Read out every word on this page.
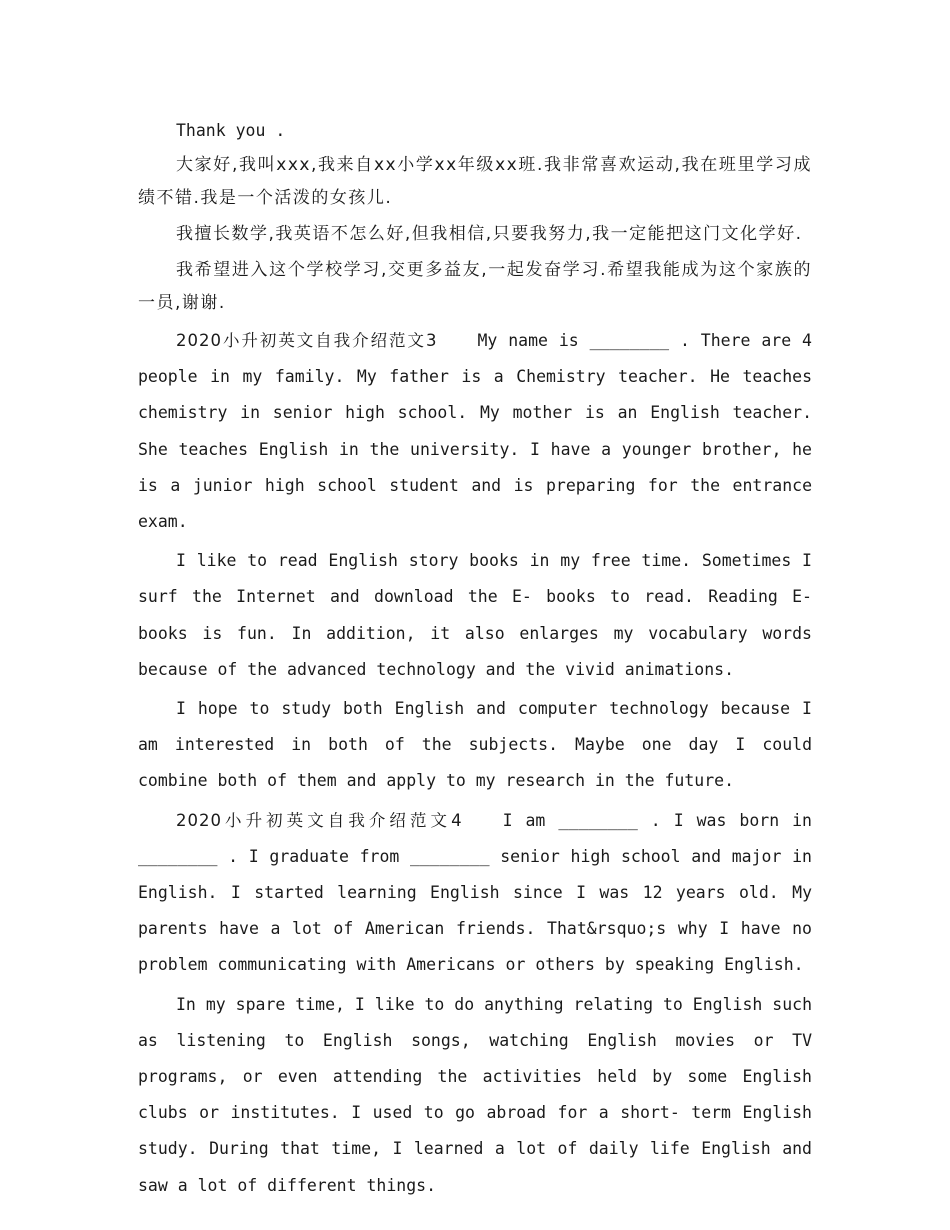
Thank you .

大家好,我叫xxx,我来自xx小学xx年级xx班.我非常喜欢运动,我在班里学习成绩不错.我是一个活泼的女孩儿.

我擅长数学,我英语不怎么好,但我相信,只要我努力,我一定能把这门文化学好.

我希望进入这个学校学习,交更多益友,一起发奋学习.希望我能成为这个家族的一员,谢谢.

2020小升初英文自我介绍范文3 My name is ________ . There are 4 people in my family. My father is a Chemistry teacher. He teaches chemistry in senior high school. My mother is an English teacher. She teaches English in the university. I have a younger brother, he is a junior high school student and is preparing for the entrance exam.

I like to read English story books in my free time. Sometimes I surf the Internet and download the E- books to read. Reading E- books is fun. In addition, it also enlarges my vocabulary words because of the advanced technology and the vivid animations.

I hope to study both English and computer technology because I am interested in both of the subjects. Maybe one day I could combine both of them and apply to my research in the future.

2020小升初英文自我介绍范文4 I am ________ . I was born in ________ . I graduate from ________ senior high school and major in English. I started learning English since I was 12 years old. My parents have a lot of American friends. That&rsquo;s why I have no problem communicating with Americans or others by speaking English.

In my spare time, I like to do anything relating to English such as listening to English songs, watching English movies or TV programs, or even attending the activities held by some English clubs or institutes. I used to go abroad for a short- term English study. During that time, I learned a lot of daily life English and saw a lot of different things.
